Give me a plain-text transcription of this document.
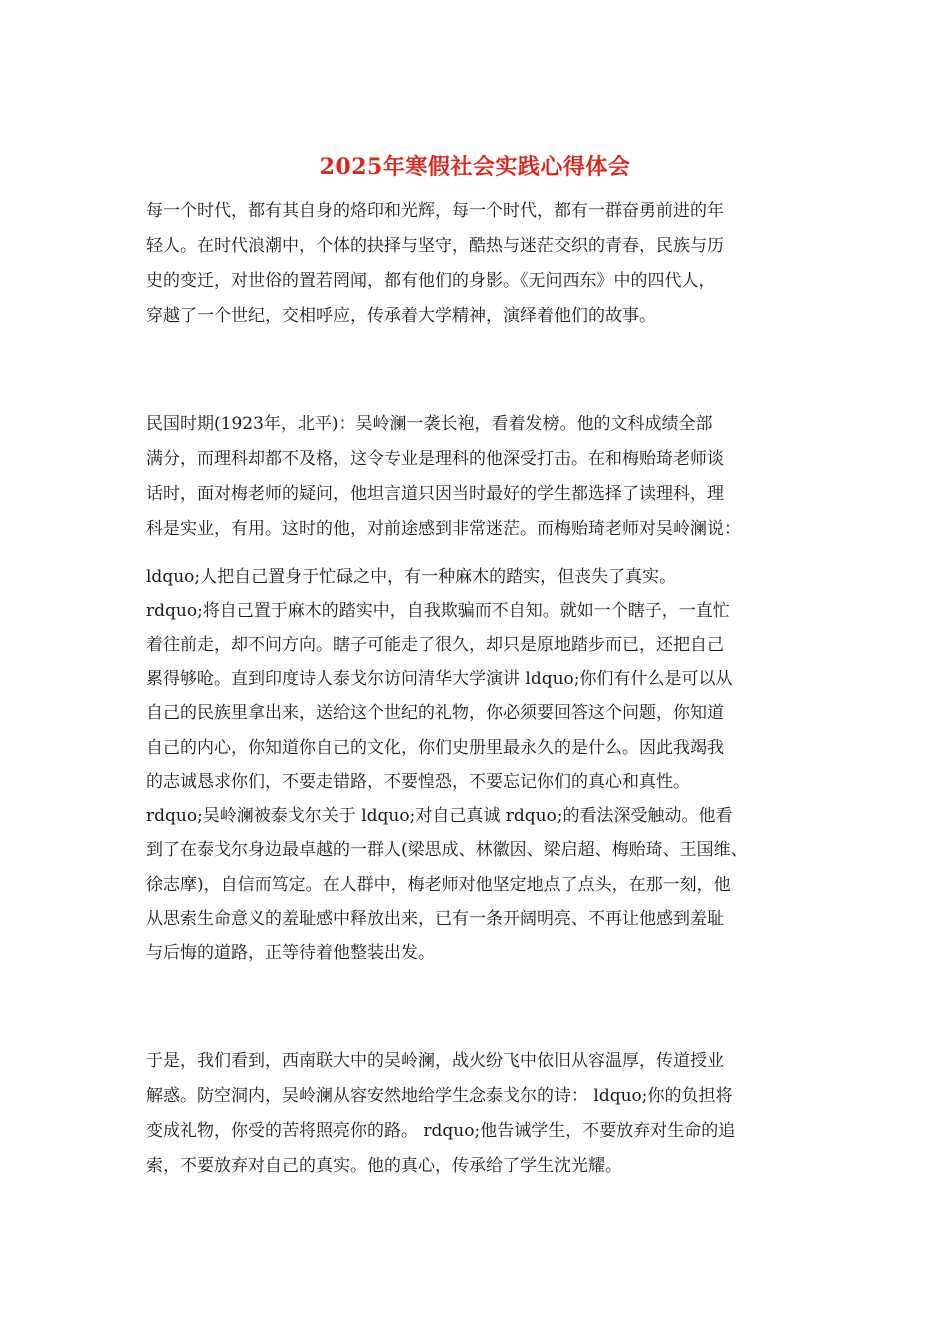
2025年寒假社会实践心得体会
每一个时代，都有其自身的烙印和光辉，每一个时代，都有一群奋勇前进的年
轻人。在时代浪潮中，个体的抉择与坚守，酷热与迷茫交织的青春，民族与历
史的变迁，对世俗的置若罔闻，都有他们的身影。《无问西东》中的四代人，
穿越了一个世纪，交相呼应，传承着大学精神，演绎着他们的故事。
民国时期(1923年，北平)：吴岭澜一袭长袍，看着发榜。他的文科成绩全部
满分，而理科却都不及格，这令专业是理科的他深受打击。在和梅贻琦老师谈
话时，面对梅老师的疑问，他坦言道只因当时最好的学生都选择了读理科，理
科是实业，有用。这时的他，对前途感到非常迷茫。而梅贻琦老师对吴岭澜说：
ldquo;人把自己置身于忙碌之中，有一种麻木的踏实，但丧失了真实。
rdquo;将自己置于麻木的踏实中，自我欺骗而不自知。就如一个瞎子，一直忙
着往前走，却不问方向。瞎子可能走了很久，却只是原地踏步而已，还把自己
累得够呛。直到印度诗人泰戈尔访问清华大学演讲 ldquo;你们有什么是可以从
自己的民族里拿出来，送给这个世纪的礼物，你必须要回答这个问题，你知道
自己的内心，你知道你自己的文化，你们史册里最永久的是什么。因此我竭我
的志诚恳求你们，不要走错路，不要惶恐，不要忘记你们的真心和真性。
rdquo;吴岭澜被泰戈尔关于 ldquo;对自己真诚 rdquo;的看法深受触动。他看
到了在泰戈尔身边最卓越的一群人(梁思成、林徽因、梁启超、梅贻琦、王国维、
徐志摩)，自信而笃定。在人群中，梅老师对他坚定地点了点头，在那一刻，他
从思索生命意义的羞耻感中释放出来，已有一条开阔明亮、不再让他感到羞耻
与后悔的道路，正等待着他整装出发。
于是，我们看到，西南联大中的吴岭澜，战火纷飞中依旧从容温厚，传道授业
解惑。防空洞内，吴岭澜从容安然地给学生念泰戈尔的诗： ldquo;你的负担将
变成礼物，你受的苦将照亮你的路。 rdquo;他告诫学生，不要放弃对生命的追
索，不要放弃对自己的真实。他的真心，传承给了学生沈光耀。
